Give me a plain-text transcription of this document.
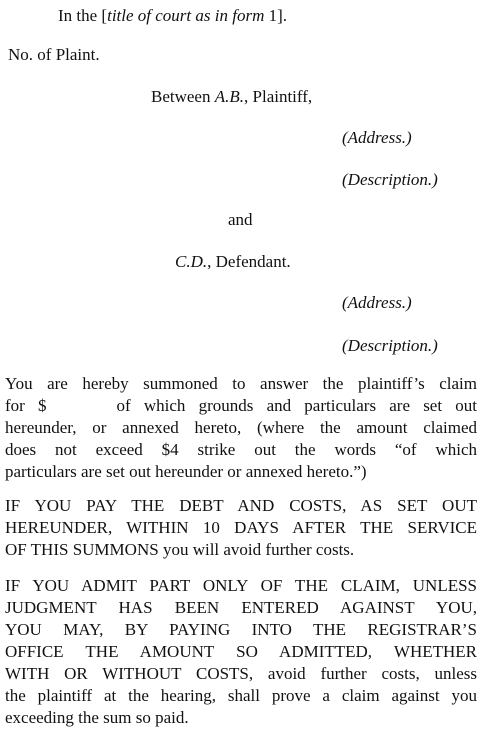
In the [title of court as in form 1].
No. of Plaint.
Between A.B., Plaintiff,
(Address.)
(Description.)
and
C.D., Defendant.
(Address.)
(Description.)
You are hereby summoned to answer the plaintiff’s claim
for $	of which grounds and particulars are set out
hereunder, or annexed hereto, (where the amount claimed
does not exceed $4 strike out the words “of which
particulars are set out hereunder or annexed hereto.”)
IF YOU PAY THE DEBT AND COSTS, AS SET OUT
HEREUNDER, WITHIN 10 DAYS AFTER THE SERVICE
OF THIS SUMMONS you will avoid further costs.
IF YOU ADMIT PART ONLY OF THE CLAIM, UNLESS
JUDGMENT HAS BEEN ENTERED AGAINST YOU,
YOU MAY, BY PAYING INTO THE REGISTRAR’S
OFFICE THE AMOUNT SO ADMITTED, WHETHER
WITH OR WITHOUT COSTS, avoid further costs, unless
the plaintiff at the hearing, shall prove a claim against you
exceeding the sum so paid.
